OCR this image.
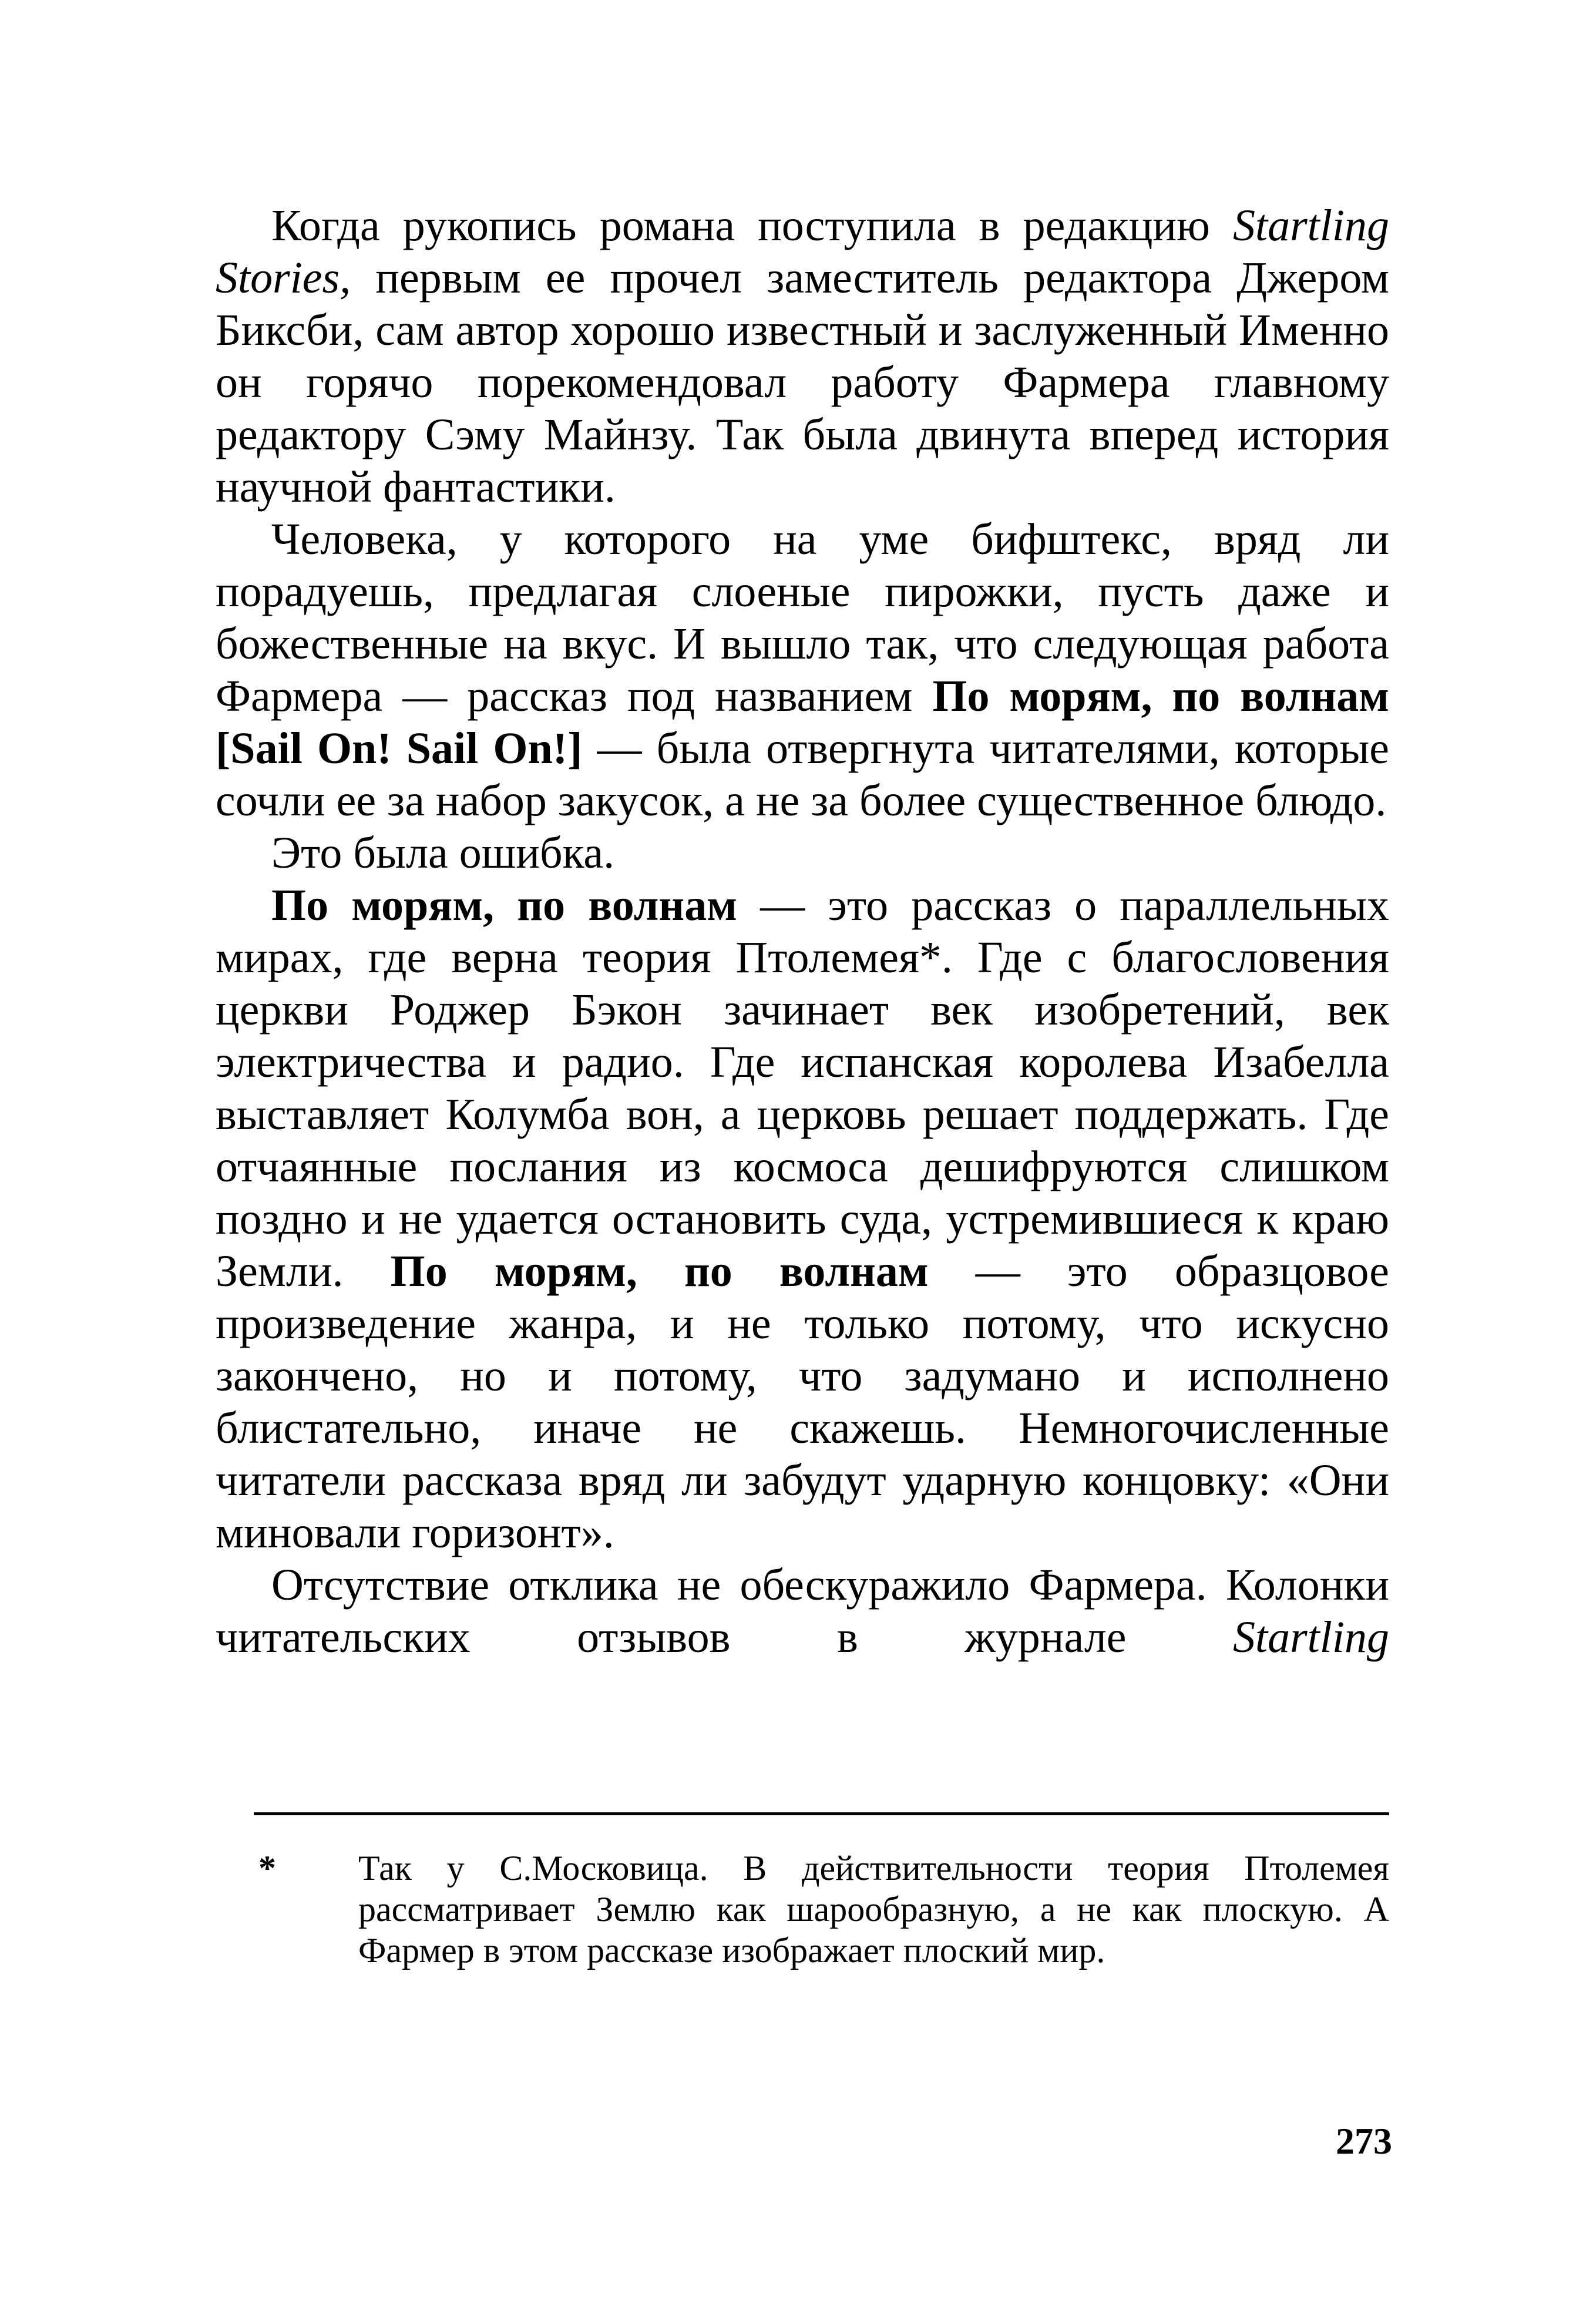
Когда рукопись романа поступила в редакцию Startling Stories, первым ее прочел заместитель редактора Джером Биксби, сам автор хорошо известный и заслуженный Именно он горячо порекомендовал работу Фармера главному редактору Сэму Майнзу. Так была двинута вперед история научной фантастики.

Человека, у которого на уме бифштекс, вряд ли порадуешь, предлагая слоеные пирожки, пусть даже и божественные на вкус. И вышло так, что следующая работа Фармера — рассказ под названием По морям, по волнам [Sail On! Sail On!] — была отвергнута читателями, которые сочли ее за набор закусок, а не за более существенное блюдо.

Это была ошибка.

По морям, по волнам — это рассказ о параллельных мирах, где верна теория Птолемея*. Где с благословения церкви Роджер Бэкон зачинает век изобретений, век электричества и радио. Где испанская королева Изабелла выставляет Колумба вон, а церковь решает поддержать. Где отчаянные послания из космоса дешифруются слишком поздно и не удается остановить суда, устремившиеся к краю Земли. По морям, по волнам — это образцовое произведение жанра, и не только потому, что искусно закончено, но и потому, что задумано и исполнено блистательно, иначе не скажешь. Немногочисленные читатели рассказа вряд ли забудут ударную концовку: «Они миновали горизонт».

Отсутствие отклика не обескуражило Фармера. Колонки читательских отзывов в журнале Startling

*	Так у С.Московица. В действительности теория Птолемея рассматривает Землю как шарообразную, а не как плоскую. А Фармер в этом рассказе изображает плоский мир.
273
